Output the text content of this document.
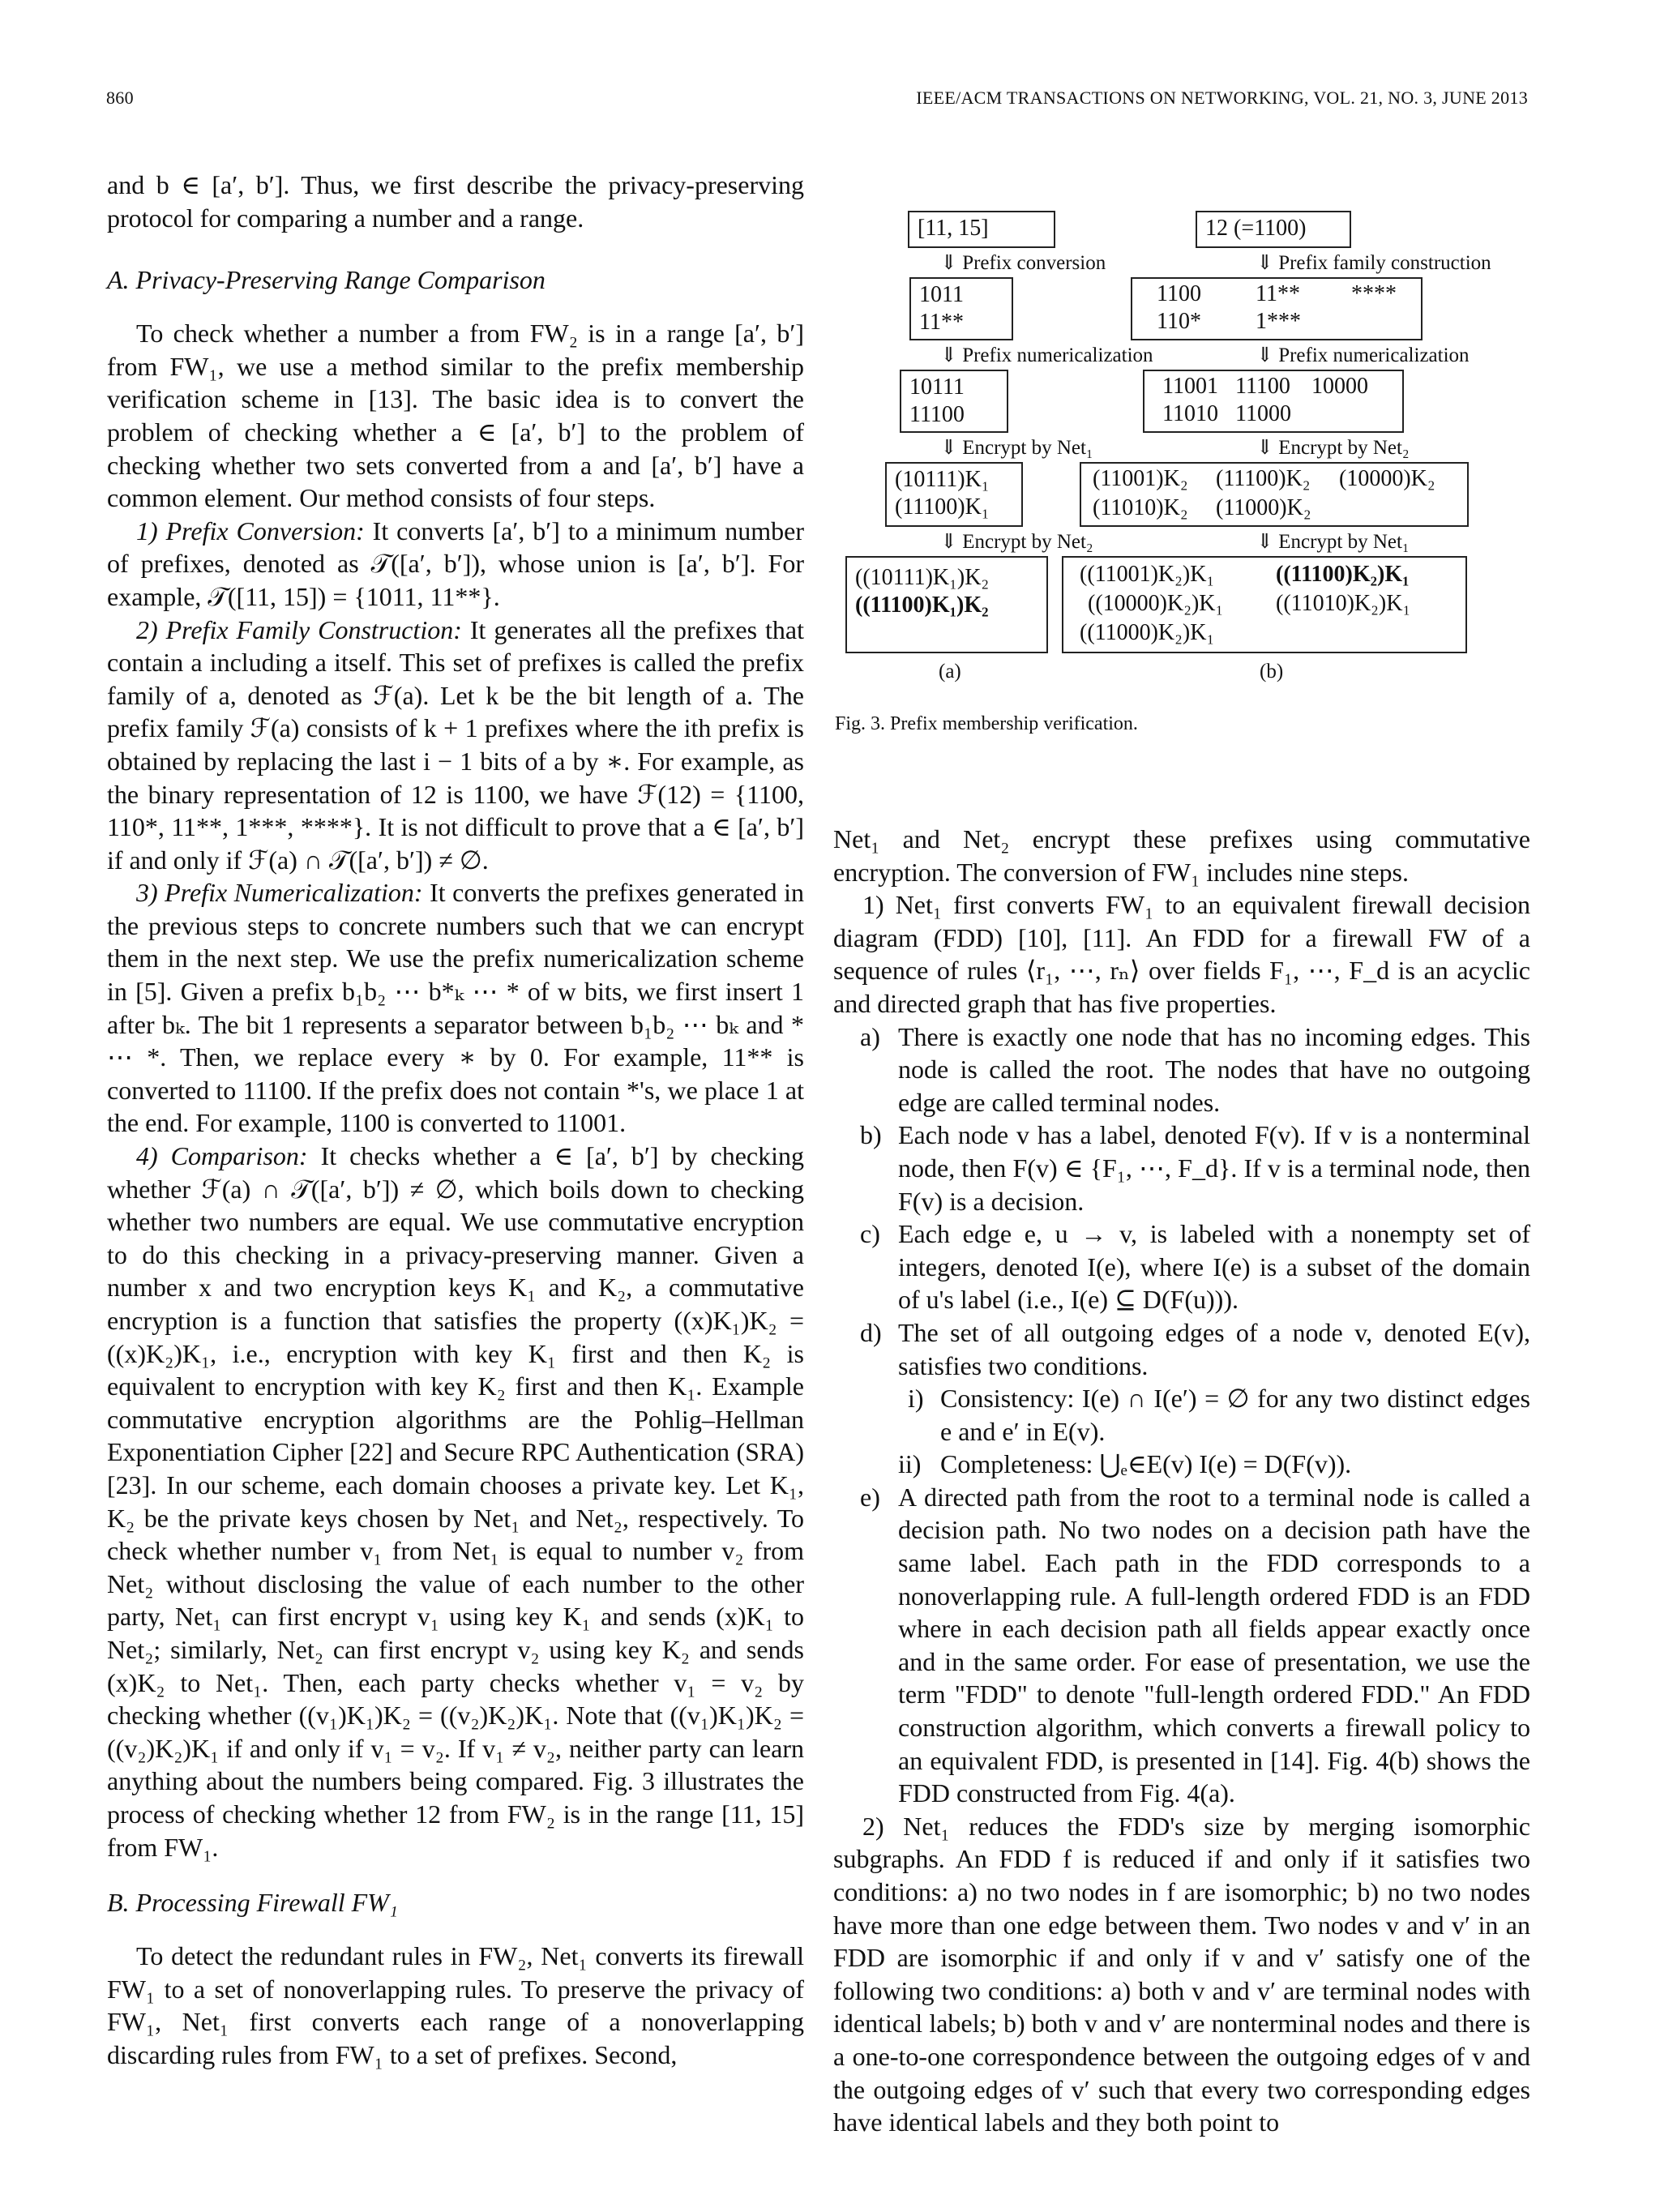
860	IEEE/ACM TRANSACTIONS ON NETWORKING, VOL. 21, NO. 3, JUNE 2013

and b ∈ [a′, b′]. Thus, we first describe the privacy-preserving protocol for comparing a number and a range.

A. Privacy-Preserving Range Comparison

To check whether a number a from FW₂ is in a range [a′, b′] from FW₁, we use a method similar to the prefix membership verification scheme in [13]. The basic idea is to convert the problem of checking whether a ∈ [a′, b′] to the problem of checking whether two sets converted from a and [a′, b′] have a common element. Our method consists of four steps.

1) Prefix Conversion: It converts [a′, b′] to a minimum number of prefixes, denoted as 𝒯([a′, b′]), whose union is [a′, b′]. For example, 𝒯([11, 15]) = {1011, 11**}.

2) Prefix Family Construction: It generates all the prefixes that contain a including a itself. This set of prefixes is called the prefix family of a, denoted as ℱ(a). Let k be the bit length of a. The prefix family ℱ(a) consists of k + 1 prefixes where the ith prefix is obtained by replacing the last i − 1 bits of a by ∗. For example, as the binary representation of 12 is 1100, we have ℱ(12) = {1100, 110*, 11**, 1***, ****}. It is not difficult to prove that a ∈ [a′, b′] if and only if ℱ(a) ∩ 𝒯([a′, b′]) ≠ ∅.

3) Prefix Numericalization: It converts the prefixes generated in the previous steps to concrete numbers such that we can encrypt them in the next step. We use the prefix numericalization scheme in [5]. Given a prefix b₁b₂ ⋯ b*ₖ ⋯ * of w bits, we first insert 1 after bₖ. The bit 1 represents a separator between b₁b₂ ⋯ bₖ and * ⋯ *. Then, we replace every ∗ by 0. For example, 11** is converted to 11100. If the prefix does not contain *'s, we place 1 at the end. For example, 1100 is converted to 11001.

4) Comparison: It checks whether a ∈ [a′, b′] by checking whether ℱ(a) ∩ 𝒯([a′, b′]) ≠ ∅, which boils down to checking whether two numbers are equal. We use commutative encryption to do this checking in a privacy-preserving manner. Given a number x and two encryption keys K₁ and K₂, a commutative encryption is a function that satisfies the property ((x)K₁)K₂ = ((x)K₂)K₁, i.e., encryption with key K₁ first and then K₂ is equivalent to encryption with key K₂ first and then K₁. Example commutative encryption algorithms are the Pohlig–Hellman Exponentiation Cipher [22] and Secure RPC Authentication (SRA) [23]. In our scheme, each domain chooses a private key. Let K₁, K₂ be the private keys chosen by Net₁ and Net₂, respectively. To check whether number v₁ from Net₁ is equal to number v₂ from Net₂ without disclosing the value of each number to the other party, Net₁ can first encrypt v₁ using key K₁ and sends (x)K₁ to Net₂; similarly, Net₂ can first encrypt v₂ using key K₂ and sends (x)K₂ to Net₁. Then, each party checks whether v₁ = v₂ by checking whether ((v₁)K₁)K₂ = ((v₂)K₂)K₁. Note that ((v₁)K₁)K₂ = ((v₂)K₂)K₁ if and only if v₁ = v₂. If v₁ ≠ v₂, neither party can learn anything about the numbers being compared. Fig. 3 illustrates the process of checking whether 12 from FW₂ is in the range [11, 15] from FW₁.

B. Processing Firewall FW₁

To detect the redundant rules in FW₂, Net₁ converts its firewall FW₁ to a set of nonoverlapping rules. To preserve the privacy of FW₁, Net₁ first converts each range of a nonoverlapping discarding rules from FW₁ to a set of prefixes. Second,

[11, 15]
⇓ Prefix conversion
1011
11**
⇓ Prefix numericalization
10111
11100
⇓ Encrypt by Net₁
(10111)K₁
(11100)K₁
⇓ Encrypt by Net₂
((10111)K₁)K₂
((11100)K₁)K₂
(a)
12 (=1100)
⇓ Prefix family construction
1100 11** ****
110* 1***
⇓ Prefix numericalization
11001 11100 10000
11010 11000
⇓ Encrypt by Net₂
(11001)K₂ (11100)K₂ (10000)K₂
(11010)K₂ (11000)K₂
⇓ Encrypt by Net₁
((11001)K₂)K₁	((11100)K₂)K₁
((10000)K₂)K₁ ((11010)K₂)K₁
((11000)K₂)K₁
(b)
Fig. 3. Prefix membership verification.

Net₁ and Net₂ encrypt these prefixes using commutative encryption. The conversion of FW₁ includes nine steps.

1) Net₁ first converts FW₁ to an equivalent firewall decision diagram (FDD) [10], [11]. An FDD for a firewall FW of a sequence of rules ⟨r₁, ⋯, rₙ⟩ over fields F₁, ⋯, F_d is an acyclic and directed graph that has five properties.

a) There is exactly one node that has no incoming edges. This node is called the root. The nodes that have no outgoing edge are called terminal nodes.
b) Each node v has a label, denoted F(v). If v is a nonterminal node, then F(v) ∈ {F₁, ⋯, F_d}. If v is a terminal node, then F(v) is a decision.
c) Each edge e, u → v, is labeled with a nonempty set of integers, denoted I(e), where I(e) is a subset of the domain of u's label (i.e., I(e) ⊆ D(F(u))).
d) The set of all outgoing edges of a node v, denoted E(v), satisfies two conditions.
i) Consistency: I(e) ∩ I(e′) = ∅ for any two distinct edges e and e′ in E(v).
ii) Completeness: ⋃ₑ∈E(v) I(e) = D(F(v)).
e) A directed path from the root to a terminal node is called a decision path. No two nodes on a decision path have the same label. Each path in the FDD corresponds to a nonoverlapping rule. A full-length ordered FDD is an FDD where in each decision path all fields appear exactly once and in the same order. For ease of presentation, we use the term "FDD" to denote "full-length ordered FDD." An FDD construction algorithm, which converts a firewall policy to an equivalent FDD, is presented in [14]. Fig. 4(b) shows the FDD constructed from Fig. 4(a).

2) Net₁ reduces the FDD's size by merging isomorphic subgraphs. An FDD f is reduced if and only if it satisfies two conditions: a) no two nodes in f are isomorphic; b) no two nodes have more than one edge between them. Two nodes v and v′ in an FDD are isomorphic if and only if v and v′ satisfy one of the following two conditions: a) both v and v′ are terminal nodes with identical labels; b) both v and v′ are nonterminal nodes and there is a one-to-one correspondence between the outgoing edges of v and the outgoing edges of v′ such that every two corresponding edges have identical labels and they both point to
